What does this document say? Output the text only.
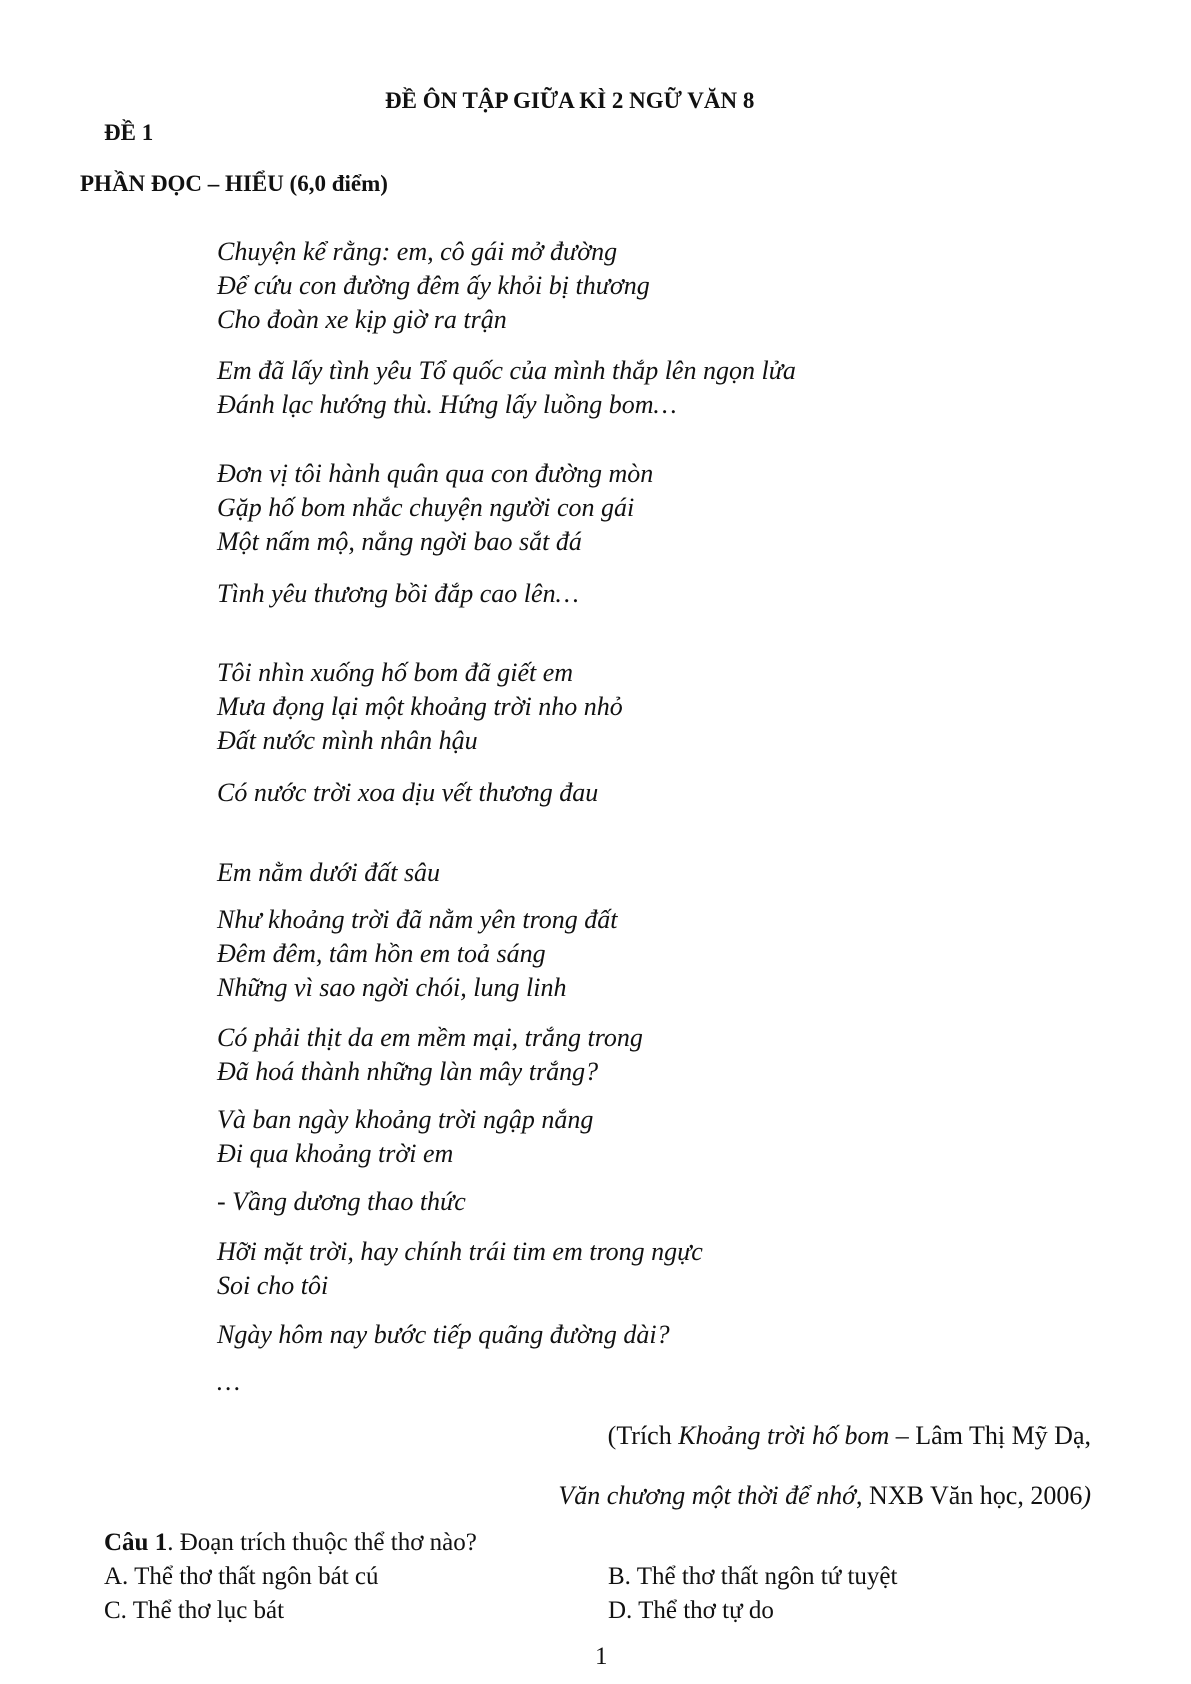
ĐỀ ÔN TẬP GIỮA KÌ 2 NGỮ VĂN 8
ĐỀ 1
PHẦN ĐỌC – HIỂU (6,0 điểm)
Chuyện kể rằng: em, cô gái mở đường
Để cứu con đường đêm ấy khỏi bị thương
Cho đoàn xe kịp giờ ra trận
Em đã lấy tình yêu Tổ quốc của mình thắp lên ngọn lửa
Đánh lạc hướng thù. Hứng lấy luồng bom…
Đơn vị tôi hành quân qua con đường mòn
Gặp hố bom nhắc chuyện người con gái
Một nấm mộ, nắng ngời bao sắt đá
Tình yêu thương bồi đắp cao lên…
Tôi nhìn xuống hố bom đã giết em
Mưa đọng lại một khoảng trời nho nhỏ
Đất nước mình nhân hậu
Có nước trời xoa dịu vết thương đau
Em nằm dưới đất sâu
Như khoảng trời đã nằm yên trong đất
Đêm đêm, tâm hồn em toả sáng
Những vì sao ngời chói, lung linh
Có phải thịt da em mềm mại, trắng trong
Đã hoá thành những làn mây trắng?
Và ban ngày khoảng trời ngập nắng
Đi qua khoảng trời em
- Vầng dương thao thức
Hỡi mặt trời, hay chính trái tim em trong ngực
Soi cho tôi
Ngày hôm nay bước tiếp quãng đường dài?
…
(Trích Khoảng trời hố bom – Lâm Thị Mỹ Dạ,
Văn chương một thời để nhớ, NXB Văn học, 2006)
Câu 1. Đoạn trích thuộc thể thơ nào?
A. Thể thơ thất ngôn bát cú	B. Thể thơ thất ngôn tứ tuyệt
C. Thể thơ lục bát	D. Thể thơ tự do
1
